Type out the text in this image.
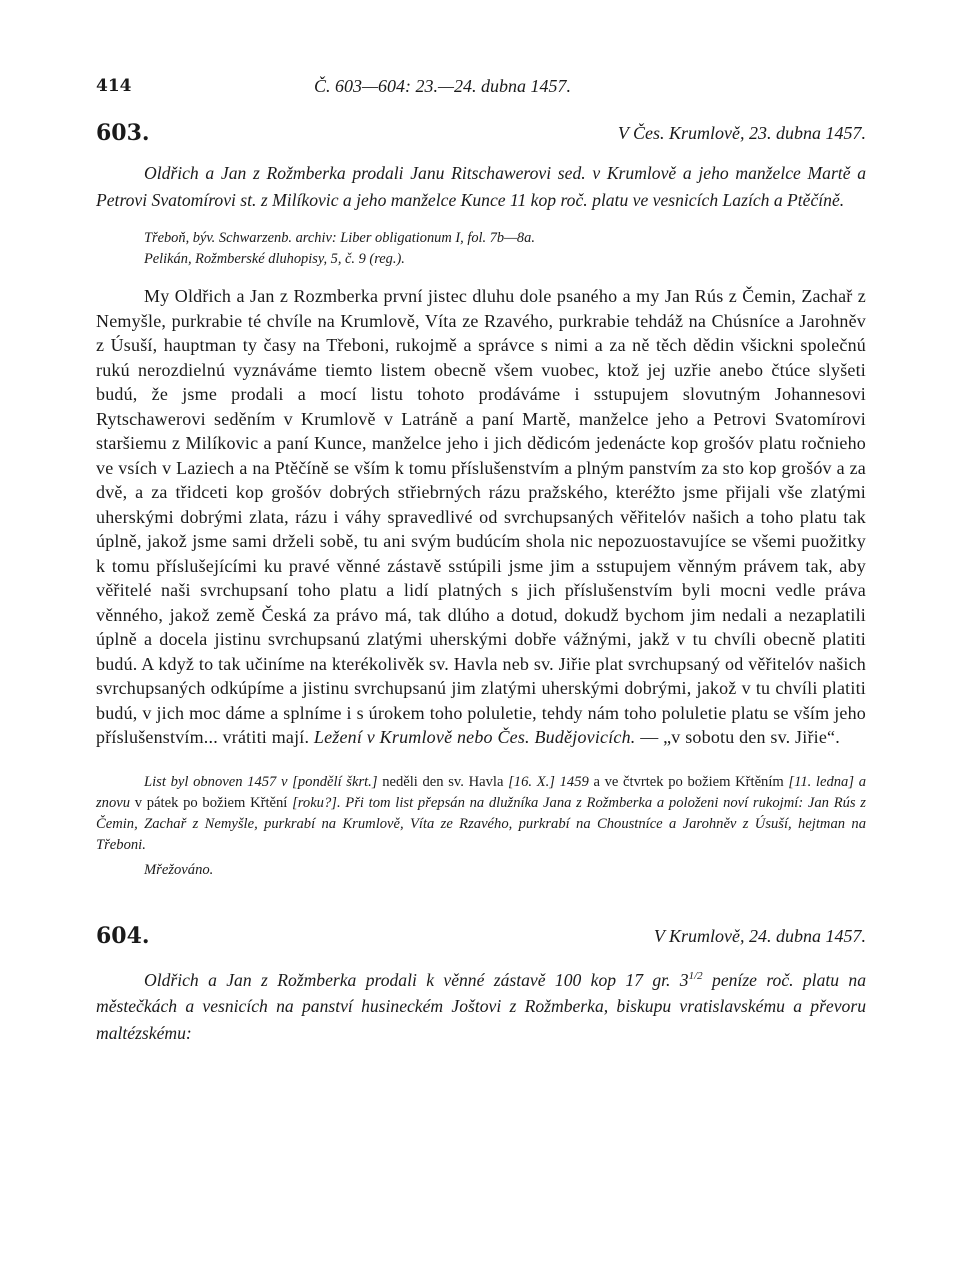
414	Č. 603—604: 23.—24. dubna 1457.
603.	V Čes. Krumlově, 23. dubna 1457.

Oldřich a Jan z Rožmberka prodali Janu Ritschawerovi sed. v Krumlově a jeho manželce Martě a Petrovi Svatomírovi st. z Milíkovic a jeho manželce Kunce 11 kop roč. platu ve vesnicích Lazích a Ptěčíně.

Třeboň, býv. Schwarzenb. archiv: Liber obligationum I, fol. 7b—8a.
Pelikán, Rožmberské dluhopisy, 5, č. 9 (reg.).

My Oldřich a Jan z Rozmberka první jistec dluhu dole psaného a my Jan Rús z Čemin, Zachař z Nemyšle, purkrabie té chvíle na Krumlově, Víta ze Rzavého, purkrabie tehdáž na Chúsníce a Jarohněv z Úsuší, hauptman ty časy na Třeboni, rukojmě a správce s nimi a za ně těch dědin všickni společnú rukú nerozdielnú vyznáváme tiemto listem obecně všem vuobec, ktož jej uzřie anebo čtúce slyšeti budú, že jsme prodali a mocí listu tohoto prodáváme i sstupujem slovutným Johannesovi Rytschawerovi seděním v Krumlově v Latráně a paní Martě, manželce jeho a Petrovi Svatomírovi staršiemu z Milíkovic a paní Kunce, manželce jeho i jich dědicóm jedenácte kop grošóv platu ročnieho ve vsích v Laziech a na Ptěčíně se vším k tomu příslušenstvím a plným panstvím za sto kop grošóv a za dvě, a za třidceti kop grošóv dobrých střiebrných rázu pražského, kteréžto jsme přijali vše zlatými uherskými dobrými zlata, rázu i váhy spravedlivé od svrchupsaných věřitelóv našich a toho platu tak úplně, jakož jsme sami drželi sobě, tu ani svým budúcím shola nic nepozuostavujíce se všemi puožitky k tomu příslušejícími ku pravé věnné zástavě sstúpili jsme jim a sstupujem věnným právem tak, aby věřitelé naši svrchupsaní toho platu a lidí platných s jich příslušenstvím byli mocni vedle práva věnného, jakož země Česká za právo má, tak dlúho a dotud, dokudž bychom jim nedali a nezaplatili úplně a docela jistinu svrchupsanú zlatými uherskými dobře vážnými, jakž v tu chvíli obecně platiti budú. A když to tak učiníme na kterékolivěk sv. Havla neb sv. Jiřie plat svrchupsaný od věřitelóv našich svrchupsaných odkúpíme a jistinu svrchupsanú jim zlatými uherskými dobrými, jakož v tu chvíli platiti budú, v jich moc dáme a splníme i s úrokem toho poluletie, tehdy nám toho poluletie platu se vším jeho příslušenstvím... vrátiti mají. Ležení v Krumlově nebo Čes. Budějovicích. — „v sobotu den sv. Jiřie“.

List byl obnoven 1457 v [pondělí škrt.] neděli den sv. Havla [16. X.] 1459 a ve čtvrtek po božiem Křtěním [11. ledna] a znovu v pátek po božiem Křtění [roku?]. Při tom list přepsán na dlužníka Jana z Rožmberka a položeni noví rukojmí: Jan Rús z Čemin, Zachař z Nemyšle, purkrabí na Krumlově, Víta ze Rzavého, purkrabí na Choustníce a Jarohněv z Úsuší, hejtman na Třeboni.

Mřežováno.
604.	V Krumlově, 24. dubna 1457.

Oldřich a Jan z Rožmberka prodali k věnné zástavě 100 kop 17 gr. $3^{1/2}$ peníze roč. platu na městečkách a vesnicích na panství husineckém Joštovi z Rožmberka, biskupu vratislavskému a převoru maltézskému:
